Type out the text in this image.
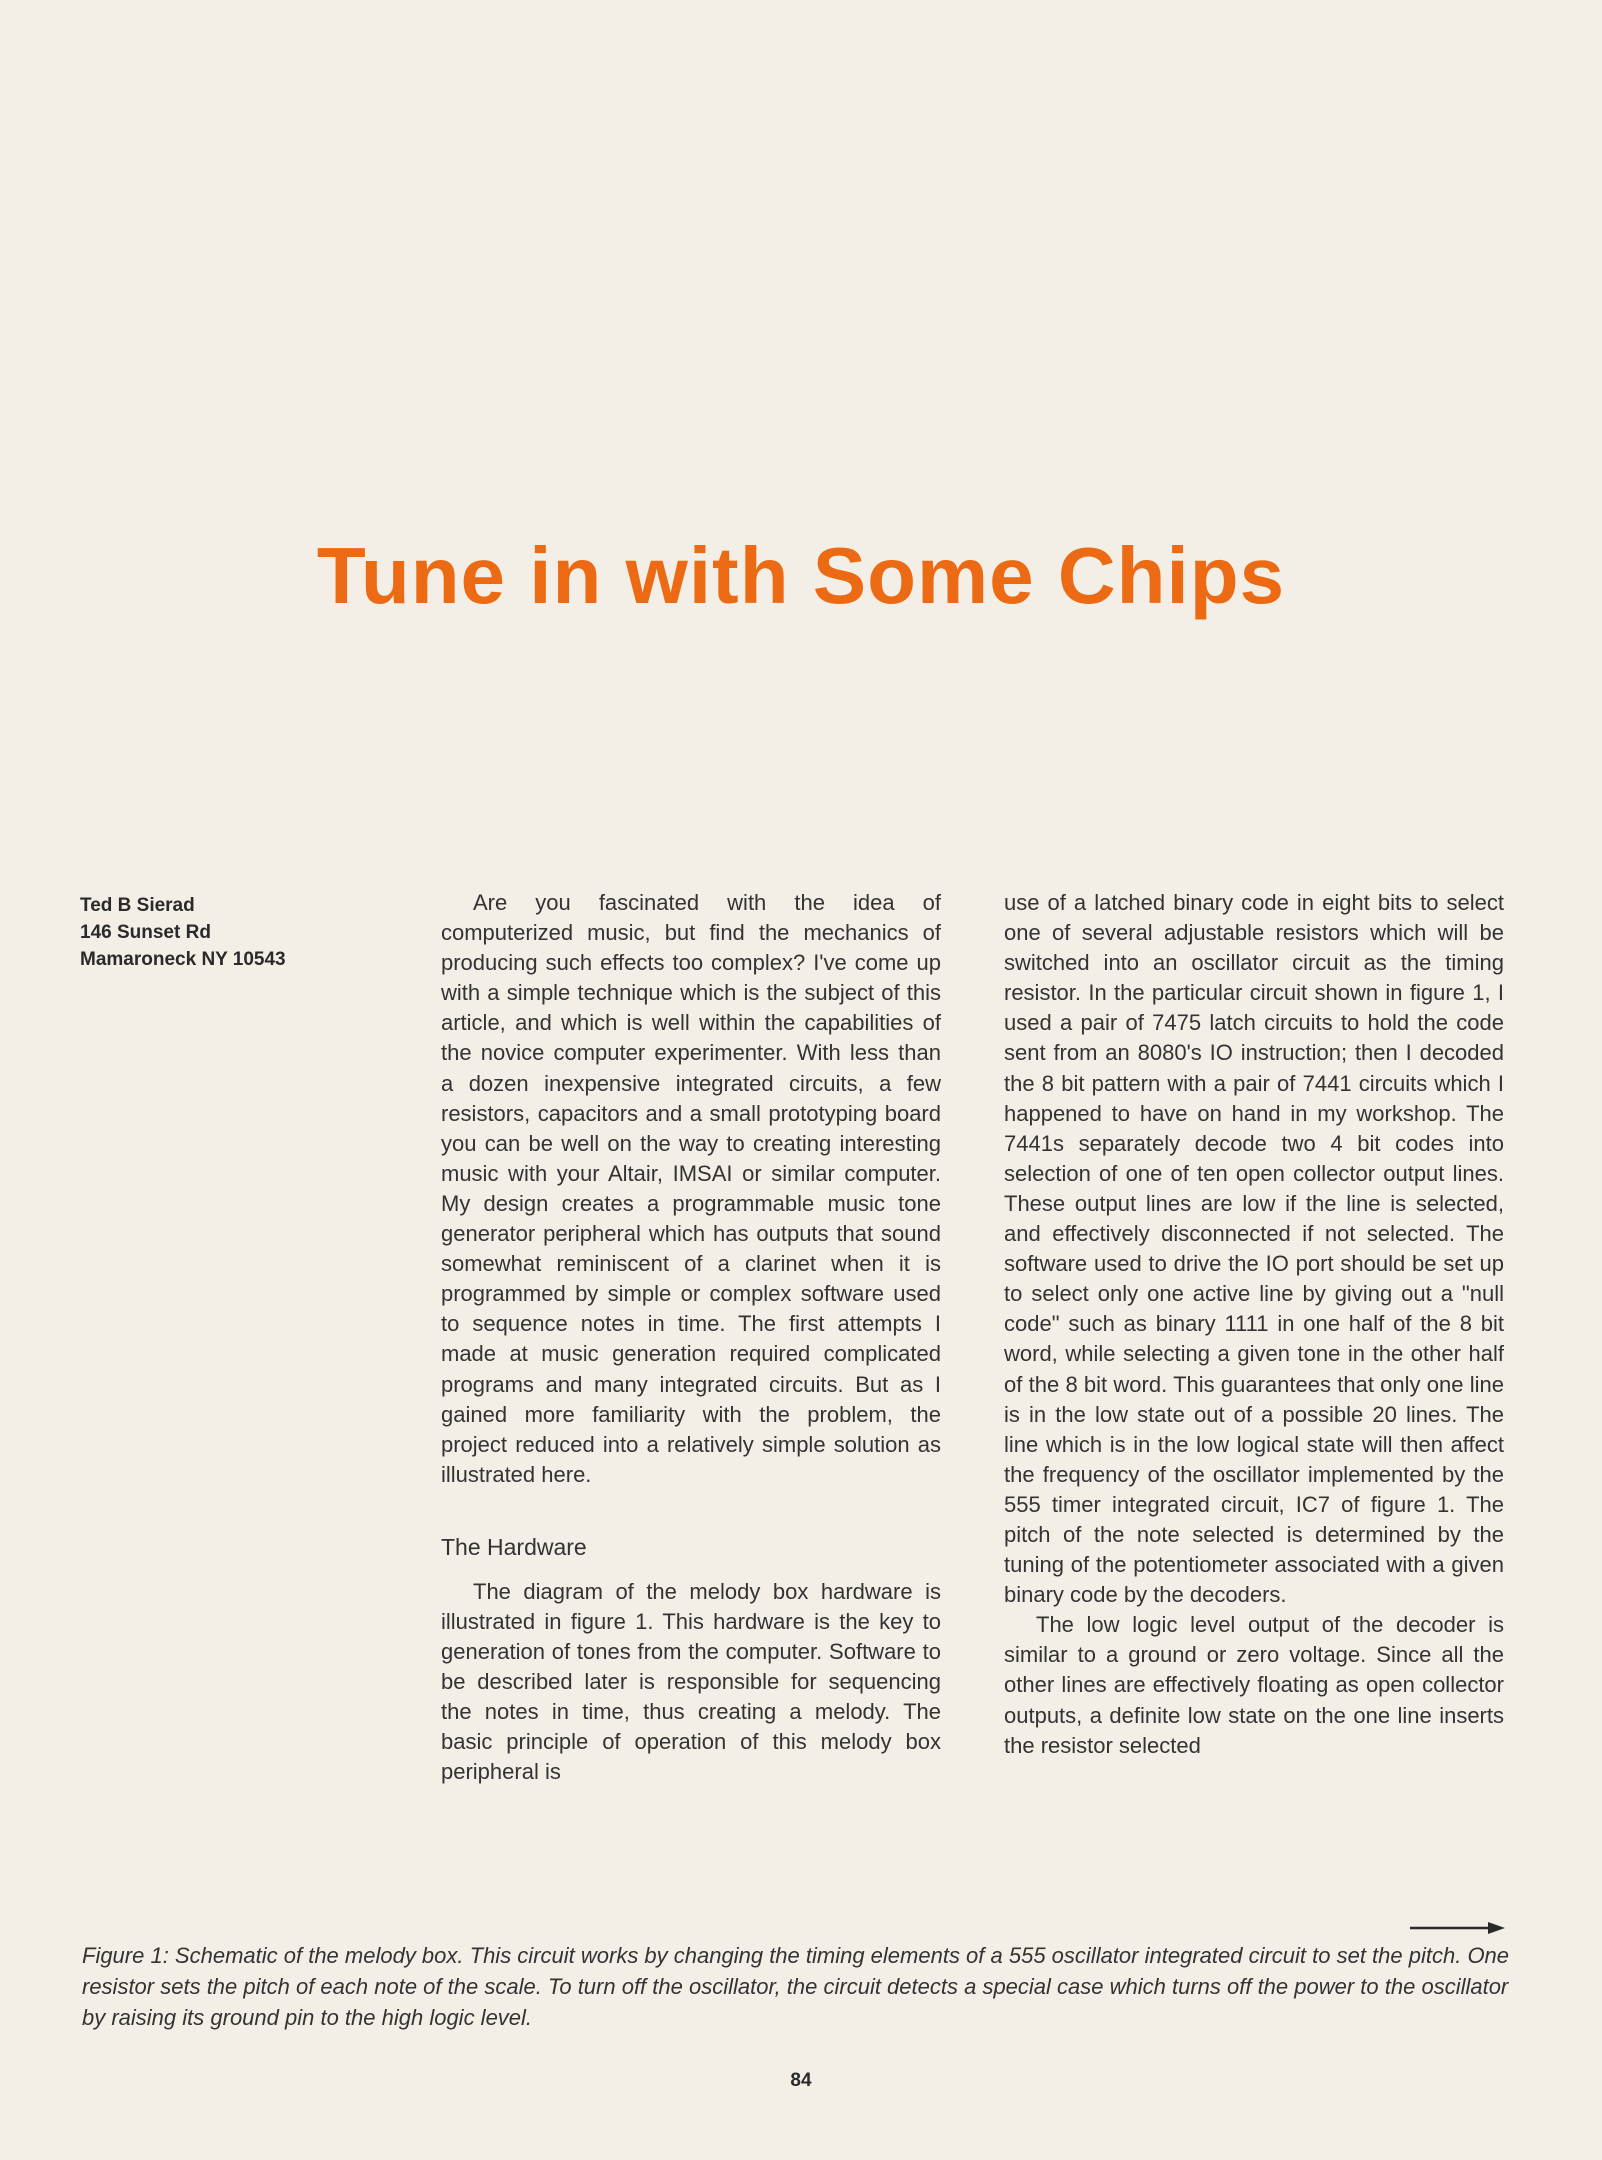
Tune in with Some Chips
Ted B Sierad
146 Sunset Rd
Mamaroneck NY 10543

Are you fascinated with the idea of computerized music, but find the mechanics of producing such effects too complex? I've come up with a simple technique which is the subject of this article, and which is well within the capabilities of the novice computer experimenter. With less than a dozen inexpensive integrated circuits, a few resistors, capacitors and a small prototyping board you can be well on the way to creating interesting music with your Altair, IMSAI or similar computer. My design creates a programmable music tone generator peripheral which has outputs that sound somewhat reminiscent of a clarinet when it is programmed by simple or complex software used to sequence notes in time. The first attempts I made at music generation required complicated programs and many integrated circuits. But as I gained more familiarity with the problem, the project reduced into a relatively simple solution as illustrated here.

The Hardware

The diagram of the melody box hardware is illustrated in figure 1. This hardware is the key to generation of tones from the computer. Software to be described later is responsible for sequencing the notes in time, thus creating a melody. The basic principle of operation of this melody box peripheral is

use of a latched binary code in eight bits to select one of several adjustable resistors which will be switched into an oscillator circuit as the timing resistor. In the particular circuit shown in figure 1, I used a pair of 7475 latch circuits to hold the code sent from an 8080's IO instruction; then I decoded the 8 bit pattern with a pair of 7441 circuits which I happened to have on hand in my workshop. The 7441s separately decode two 4 bit codes into selection of one of ten open collector output lines. These output lines are low if the line is selected, and effectively disconnected if not selected. The software used to drive the IO port should be set up to select only one active line by giving out a "null code" such as binary 1111 in one half of the 8 bit word, while selecting a given tone in the other half of the 8 bit word. This guarantees that only one line is in the low state out of a possible 20 lines. The line which is in the low logical state will then affect the frequency of the oscillator implemented by the 555 timer integrated circuit, IC7 of figure 1. The pitch of the note selected is determined by the tuning of the potentiometer associated with a given binary code by the decoders.

The low logic level output of the decoder is similar to a ground or zero voltage. Since all the other lines are effectively floating as open collector outputs, a definite low state on the one line inserts the resistor selected

Figure 1: Schematic of the melody box. This circuit works by changing the timing elements of a 555 oscillator integrated circuit to set the pitch. One resistor sets the pitch of each note of the scale. To turn off the oscillator, the circuit detects a special case which turns off the power to the oscillator by raising its ground pin to the high logic level.

84
